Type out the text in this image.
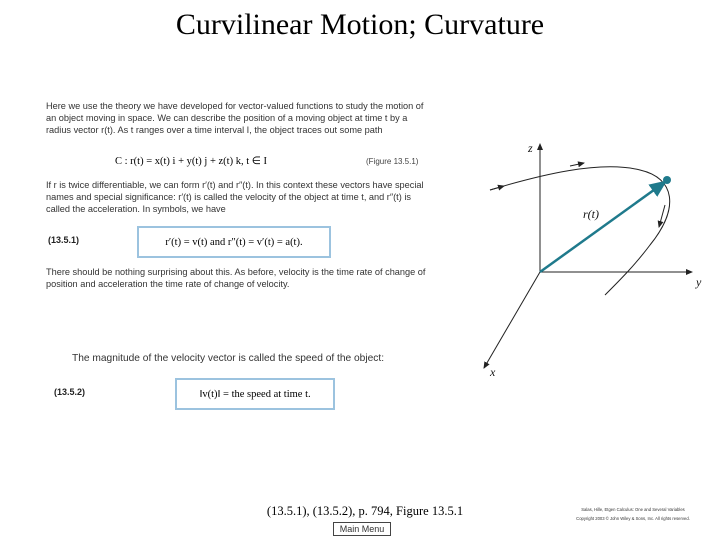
Curvilinear Motion; Curvature
Here we use the theory we have developed for vector-valued functions to study the motion of an object moving in space. We can describe the position of a moving object at time t by a radius vector r(t). As t ranges over a time interval I, the object traces out some path
C : r(t) = x(t) i + y(t) j + z(t) k, t ∈ I	(Figure 13.5.1)
If r is twice differentiable, we can form r′(t) and r″(t). In this context these vectors have special names and special significance: r′(t) is called the velocity of the object at time t, and r″(t) is called the acceleration. In symbols, we have
(13.5.1)	r′(t) = v(t) and r″(t) = v′(t) = a(t).
There should be nothing surprising about this. As before, velocity is the time rate of change of position and acceleration the time rate of change of velocity.
The magnitude of the velocity vector is called the speed of the object:
(13.5.2)	‖v(t)‖ = the speed at time t.
z
y
x
r(t)
(13.5.1), (13.5.2), p. 794, Figure 13.5.1
Main Menu
Salas, Hille, Etgen Calculus: One and Several Variables
Copyright 2003 © John Wiley & Sons, Inc. All rights reserved.
